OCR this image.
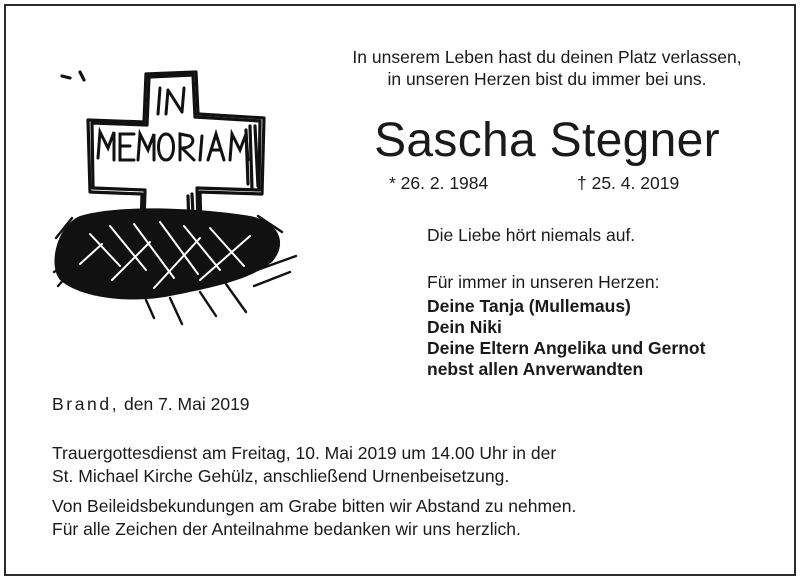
In unserem Leben hast du deinen Platz verlassen,
in unseren Herzen bist du immer bei uns.
Sascha Stegner
* 26. 2. 1984	† 25. 4. 2019
Die Liebe hört niemals auf.
Für immer in unseren Herzen:
Deine Tanja (Mullemaus)
Dein Niki
Deine Eltern Angelika und Gernot
nebst allen Anverwandten
Brand, den 7. Mai 2019
Trauergottesdienst am Freitag, 10. Mai 2019 um 14.00 Uhr in der
St. Michael Kirche Gehülz, anschließend Urnenbeisetzung.
Von Beileidsbekundungen am Grabe bitten wir Abstand zu nehmen.
Für alle Zeichen der Anteilnahme bedanken wir uns herzlich.
